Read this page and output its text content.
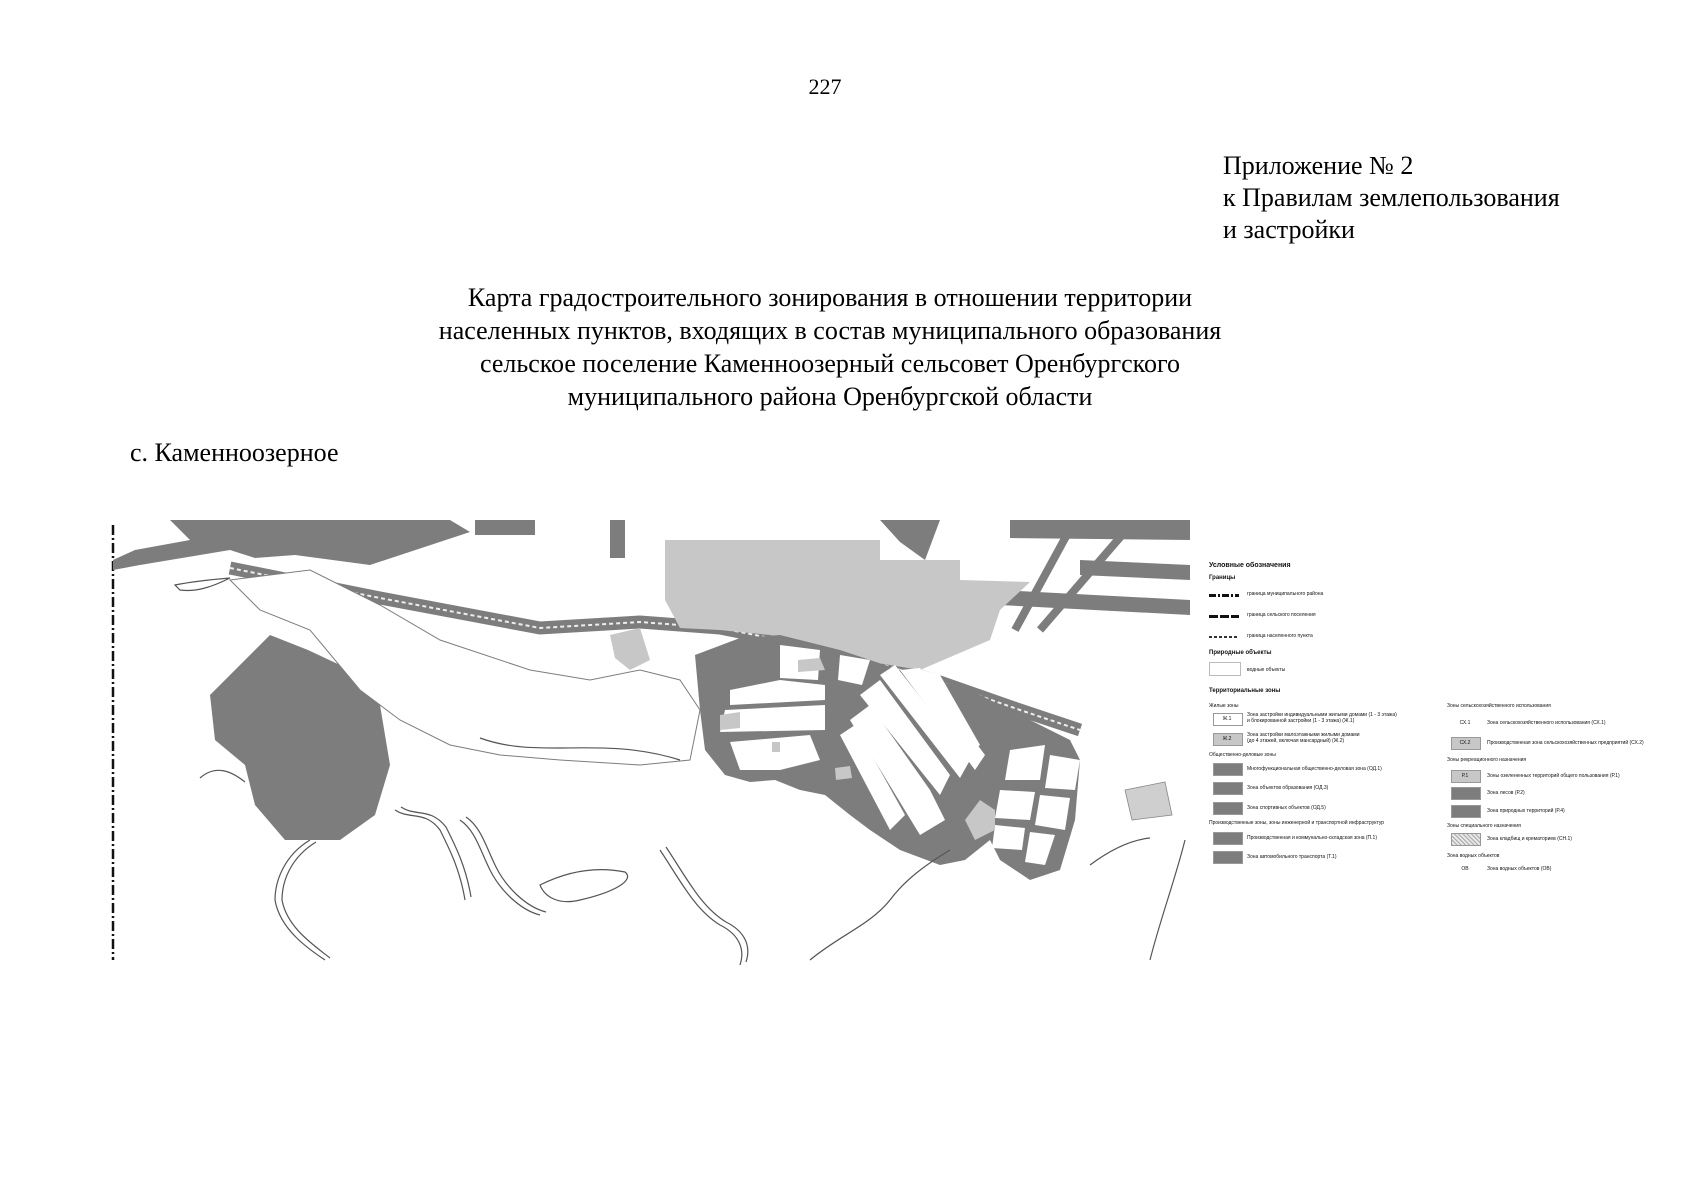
227
Приложение № 2
к Правилам землепользования
и застройки
Карта градостроительного зонирования в отношении территории
населенных пунктов, входящих в состав муниципального образования
сельское поселение Каменноозерный сельсовет Оренбургского
муниципального района Оренбургской области
с. Каменноозерное
Условные обозначения
Границы
граница муниципального района
граница сельского поселения
граница населенного пункта
Природные объекты
водные объекты
Территориальные зоны
Жилые зоны
Ж.1
Зона застройки индивидуальными жилыми домами (1 - 3 этажа)
и блокированной застройки (1 - 3 этажа) (Ж.1)
Ж.2
Зона застройки малоэтажными жилыми домами
(до 4 этажей, включая мансардный) (Ж.2)
Общественно-деловые зоны
Многофункциональная общественно-деловая зона (ОД.1)
Зона объектов образования (ОД.3)
Зона спортивных объектов (ОД.5)
Производственные зоны, зоны инженерной и транспортной инфраструктур
Производственная и коммунально-складская зона (П.1)
Зона автомобильного транспорта (Т.1)
Зоны сельскохозяйственного использования
СХ.1	Зона сельскохозяйственного использования (СХ.1)
СХ.2	Производственная зона сельскохозяйственных предприятий (СХ.2)
Зоны рекреационного назначения
Р.1	Зоны озелененных территорий общего пользования (Р.1)
Зона лесов (Р.2)
Зона природных территорий (Р.4)
Зоны специального назначения
Зона кладбищ и крематориев (СН.1)
Зона водных объектов
ОВ	Зона водных объектов (ОВ)
